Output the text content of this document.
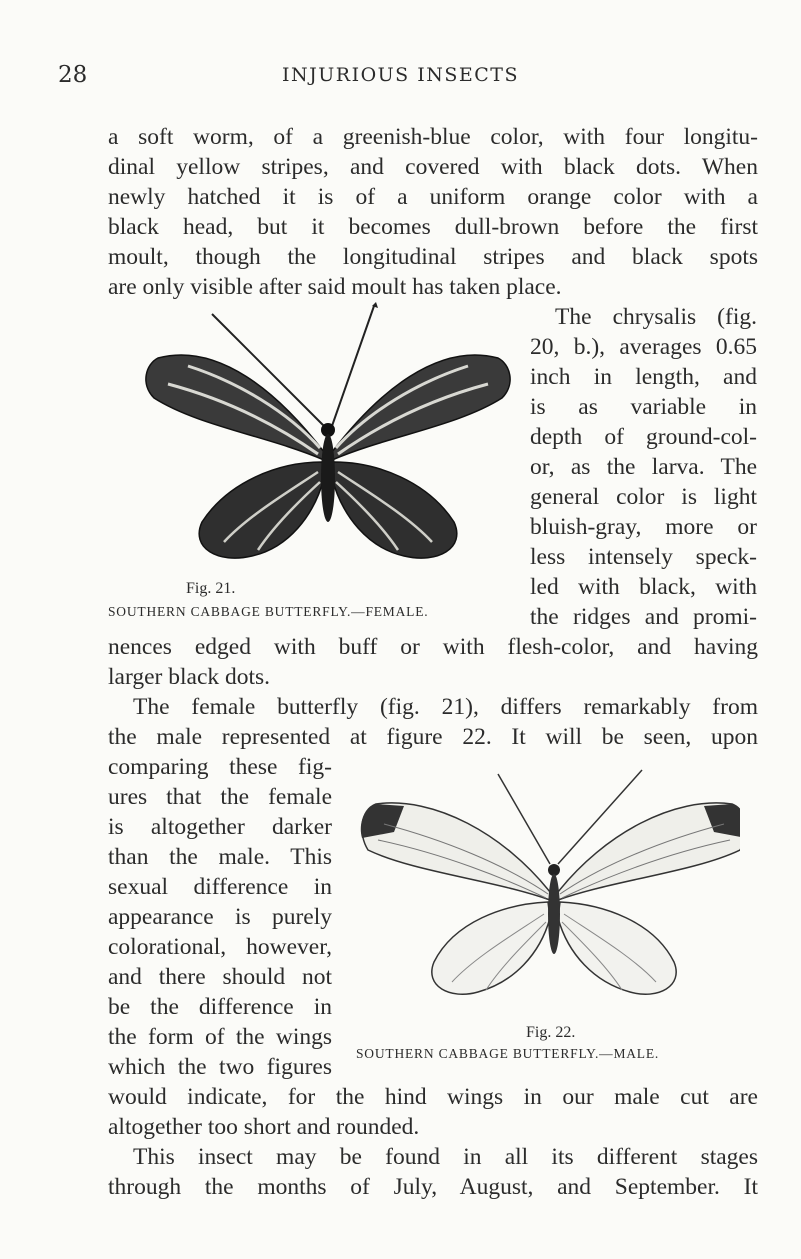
28	INJURIOUS INSECTS
a soft worm, of a greenish-blue color, with four longitu-
dinal yellow stripes, and covered with black dots. When
newly hatched it is of a uniform orange color with a
black head, but it becomes dull-brown before the first
moult, though the longitudinal stripes and black spots
are only visible after said moult has taken place.
The chrysalis (fig.
20, b.), averages 0.65
inch in length, and
is as variable in
depth of ground-col-
or, as the larva. The
general color is light
bluish-gray, more or
less intensely speck-
led with black, with
the ridges and promi-
nences edged with buff or with flesh-color, and having
larger black dots.
The female butterfly (fig. 21), differs remarkably from
the male represented at figure 22. It will be seen, upon
comparing these fig-
ures that the female
is altogether darker
than the male. This
sexual difference in
appearance is purely
colorational, however,
and there should not
be the difference in
the form of the wings
which the two figures
would indicate, for the hind wings in our male cut are
altogether too short and rounded.
This insect may be found in all its different stages
through the months of July, August, and September. It
Fig. 21.
SOUTHERN CABBAGE BUTTERFLY.—FEMALE.
Fig. 22.
SOUTHERN CABBAGE BUTTERFLY.—MALE.
